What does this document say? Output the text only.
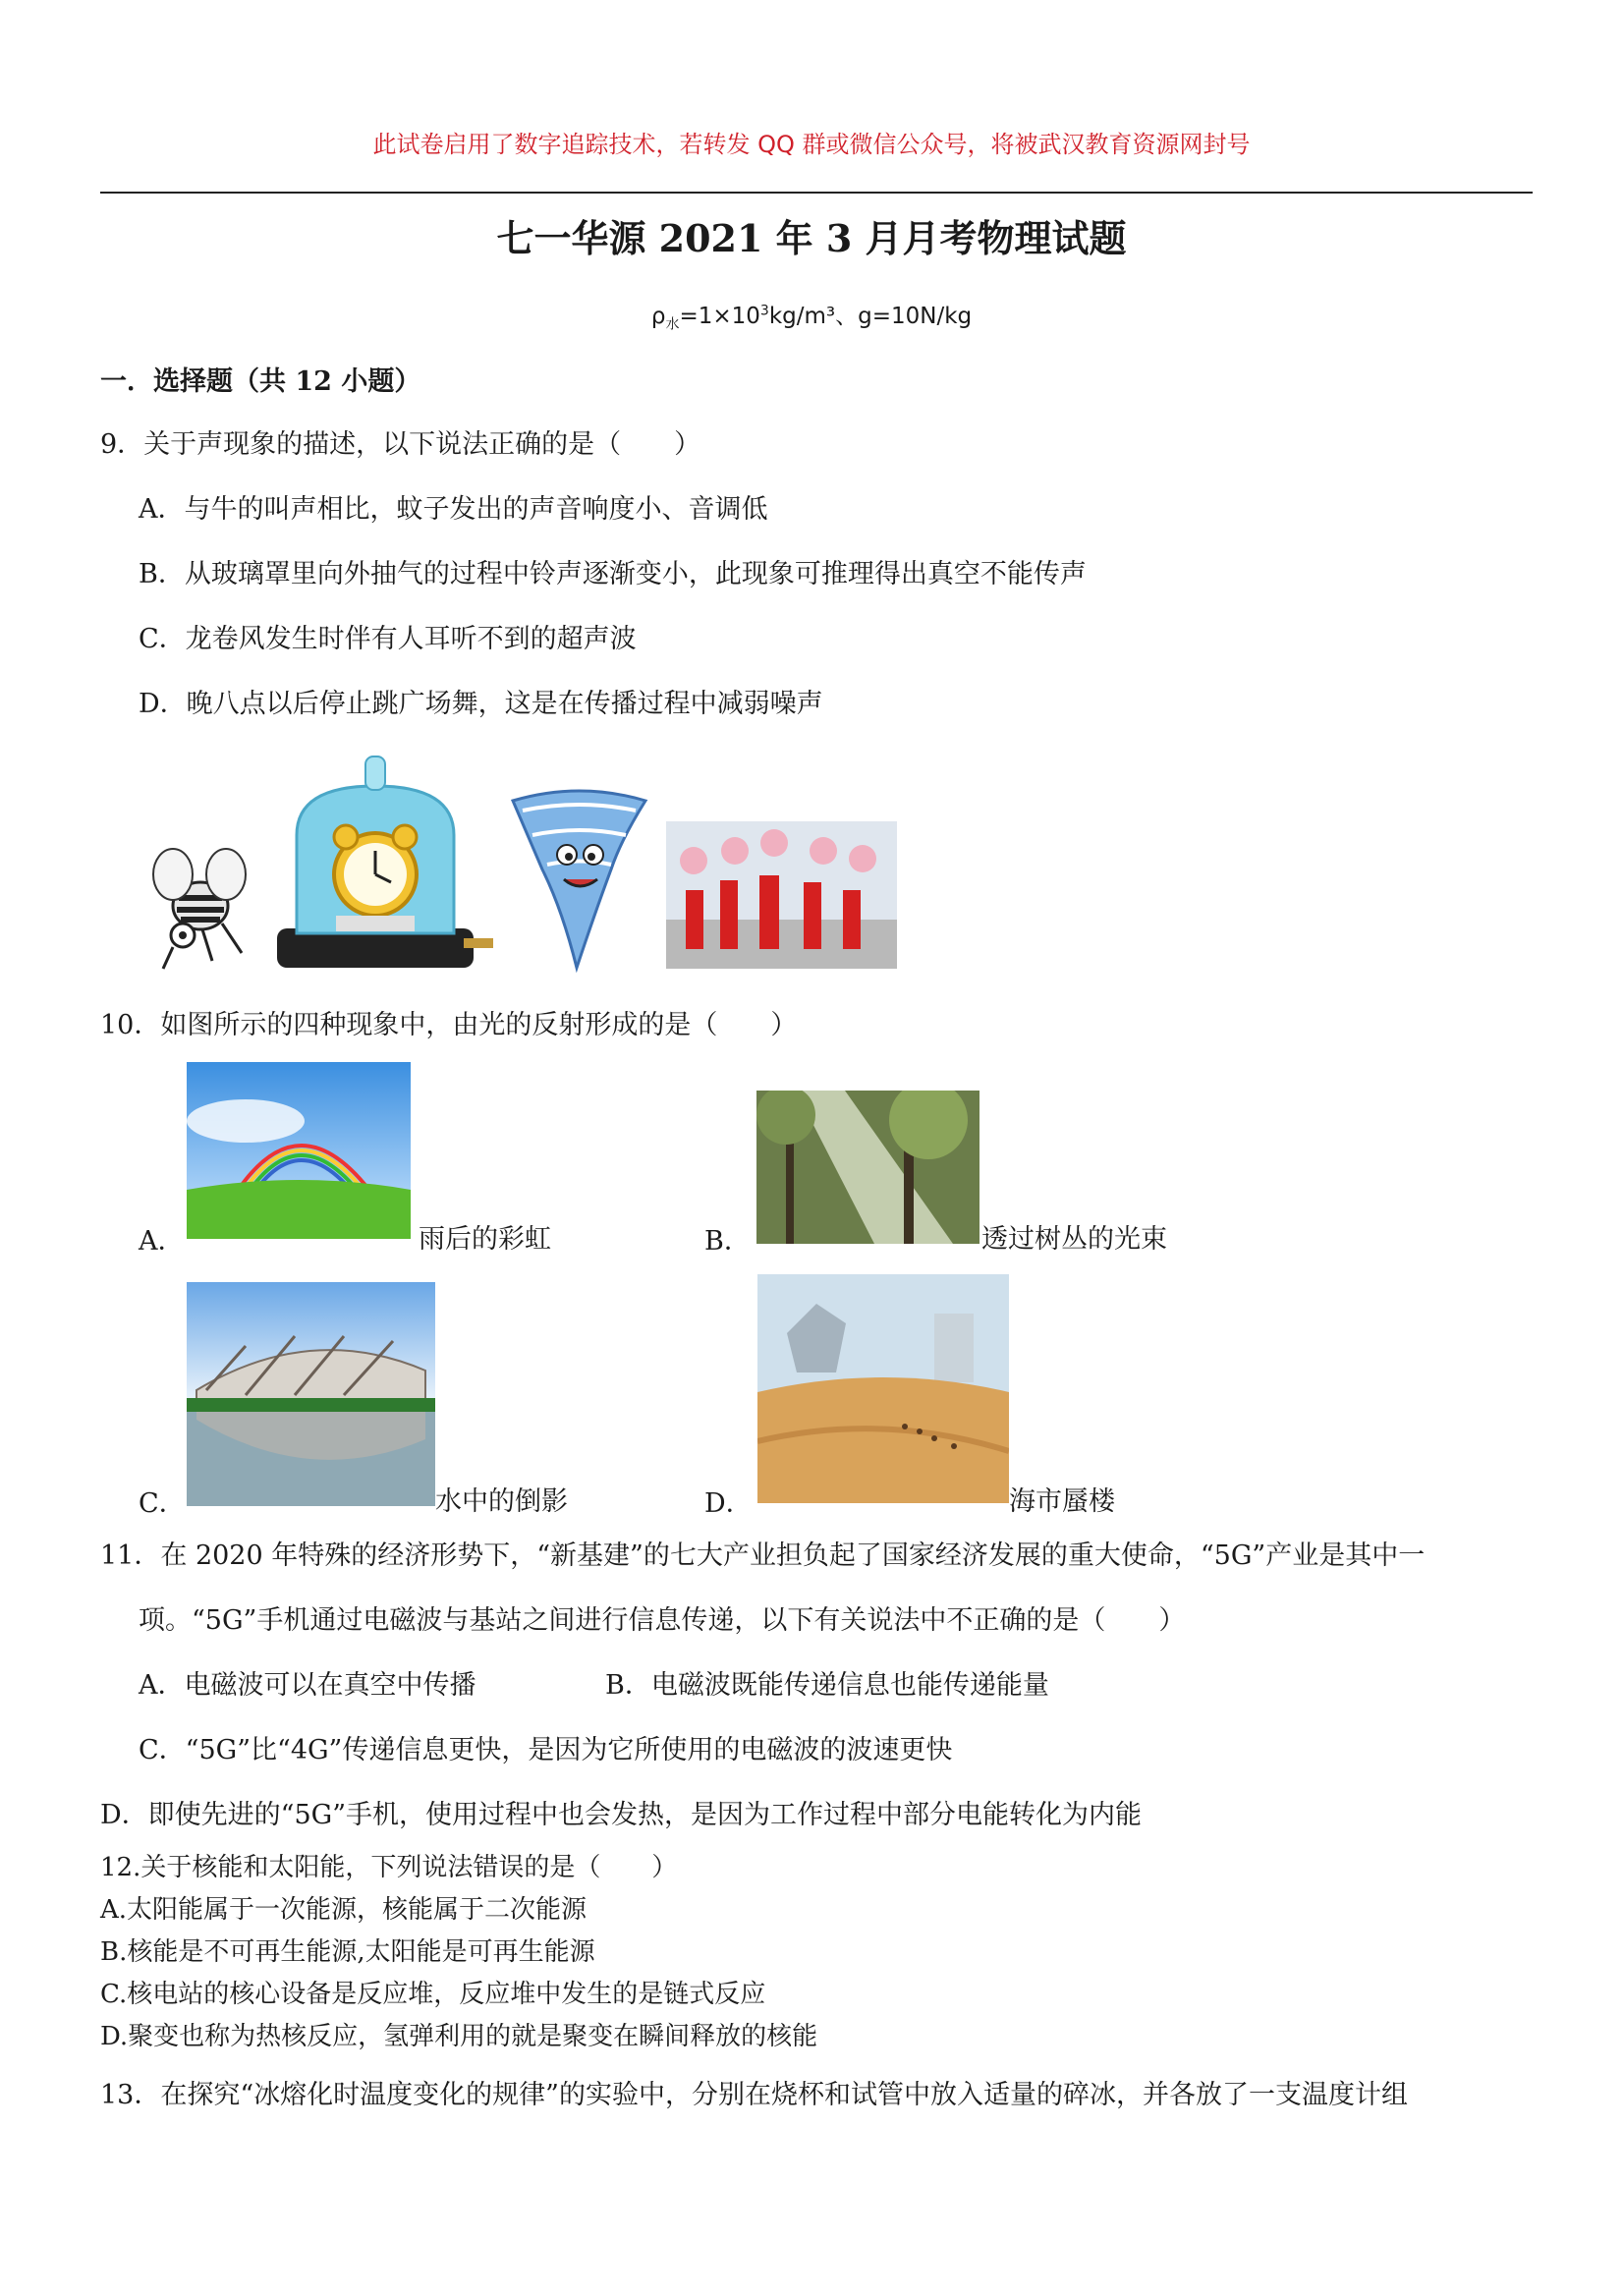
此试卷启用了数字追踪技术，若转发 QQ 群或微信公众号，将被武汉教育资源网封号
七一华源 2021 年 3 月月考物理试题
$\rho_水=1\times 10^3kg/m^3$、g=10N/kg
一．选择题（共 12 小题）
9．关于声现象的描述，以下说法正确的是（　　）
A．与牛的叫声相比，蚊子发出的声音响度小、音调低
B．从玻璃罩里向外抽气的过程中铃声逐渐变小，此现象可推理得出真空不能传声
C．龙卷风发生时伴有人耳听不到的超声波
D．晚八点以后停止跳广场舞，这是在传播过程中减弱噪声
10．如图所示的四种现象中，由光的反射形成的是（　　）
A．	雨后的彩虹	B．	透过树丛的光束
C．	水中的倒影	D．	海市蜃楼
11．在 2020 年特殊的经济形势下，“新基建”的七大产业担负起了国家经济发展的重大使命，“5G”产业是其中一
项。“5G”手机通过电磁波与基站之间进行信息传递，以下有关说法中不正确的是（　　）
A．电磁波可以在真空中传播	B．电磁波既能传递信息也能传递能量
C．“5G”比“4G”传递信息更快，是因为它所使用的电磁波的波速更快
D．即使先进的“5G”手机，使用过程中也会发热，是因为工作过程中部分电能转化为内能
12.关于核能和太阳能，下列说法错误的是（　　）
A.太阳能属于一次能源，核能属于二次能源
B.核能是不可再生能源,太阳能是可再生能源
C.核电站的核心设备是反应堆，反应堆中发生的是链式反应
D.聚变也称为热核反应，氢弹利用的就是聚变在瞬间释放的核能
13．在探究“冰熔化时温度变化的规律”的实验中，分别在烧杯和试管中放入适量的碎冰，并各放了一支温度计组
